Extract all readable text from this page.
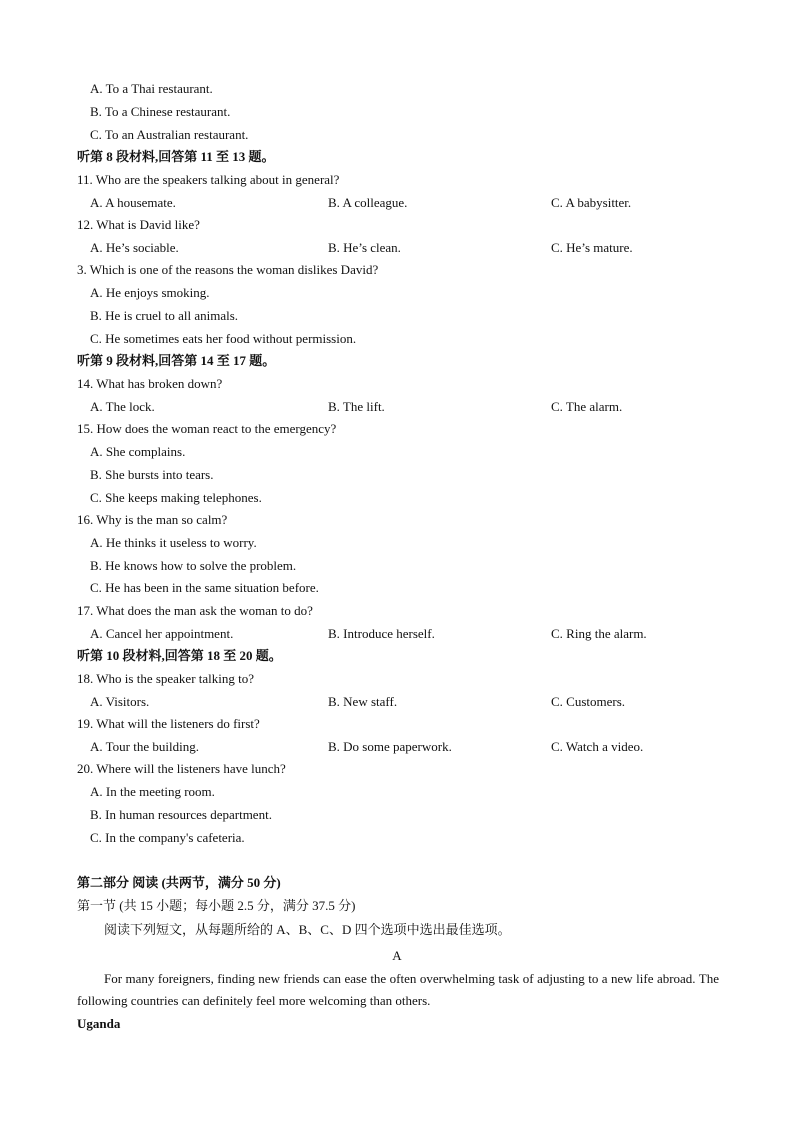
A. To a Thai restaurant.
B. To a Chinese restaurant.
C. To an Australian restaurant.
听第 8 段材料,回答第 11 至 13 题。
11. Who are the speakers talking about in general?
A. A housemate.	B. A colleague.	C. A babysitter.
12. What is David like?
A. He’s sociable.	B. He’s clean.	C. He’s mature.
3. Which is one of the reasons the woman dislikes David?
A. He enjoys smoking.
B. He is cruel to all animals.
C. He sometimes eats her food without permission.
听第 9 段材料,回答第 14 至 17 题。
14. What has broken down?
A. The lock.	B. The lift.	C. The alarm.
15. How does the woman react to the emergency?
A. She complains.
B. She bursts into tears.
C. She keeps making telephones.
16. Why is the man so calm?
A. He thinks it useless to worry.
B. He knows how to solve the problem.
C. He has been in the same situation before.
17. What does the man ask the woman to do?
A. Cancel her appointment.	B. Introduce herself.	C. Ring the alarm.
听第 10 段材料,回答第 18 至 20 题。
18. Who is the speaker talking to?
A. Visitors.	B. New staff.	C. Customers.
19. What will the listeners do first?
A. Tour the building.	B. Do some paperwork.	C. Watch a video.
20. Where will the listeners have lunch?
A. In the meeting room.
B. In human resources department.
C. In the company's cafeteria.
第二部分 阅读 (共两节，满分 50 分)
第一节 (共 15 小题；每小题 2.5 分，满分 37.5 分)
阅读下列短文，从每题所给的 A、B、C、D 四个选项中选出最佳选项。
A
For many foreigners, finding new friends can ease the often overwhelming task of adjusting to a new life abroad. The following countries can definitely feel more welcoming than others.
Uganda
